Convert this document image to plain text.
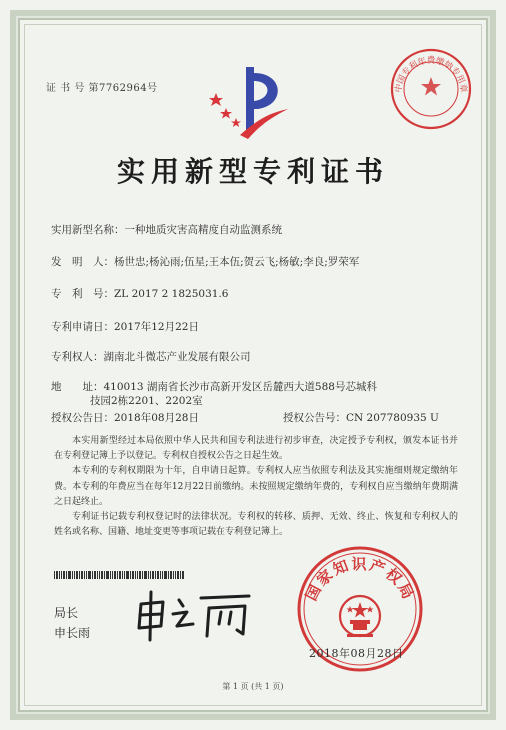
证 书 号 第7762964号	中国专利年费缴纳专用章
实用新型专利证书
实用新型名称：一种地质灾害高精度自动监测系统
发　明　人：杨世忠;杨沁雨;伍星;王本伍;贺云飞;杨敏;李良;罗荣军
专　利　号：ZL 2017 2 1825031.6
专利申请日：2017年12月22日
专利权人：湖南北斗微芯产业发展有限公司
地　　址：410013 湖南省长沙市高新开发区岳麓西大道588号芯城科
技园2栋2201、2202室
授权公告日：2018年08月28日	授权公告号：CN 207780935 U

本实用新型经过本局依照中华人民共和国专利法进行初步审查，决定授予专利权，颁发本证书并在专利登记簿上予以登记。专利权自授权公告之日起生效。

本专利的专利权期限为十年，自申请日起算。专利权人应当依照专利法及其实施细则规定缴纳年费。本专利的年费应当在每年12月22日前缴纳。未按照规定缴纳年费的，专利权自应当缴纳年费期满之日起终止。

专利证书记载专利权登记时的法律状况。专利权的转移、质押、无效、终止、恢复和专利权人的姓名或名称、国籍、地址变更等事项记载在专利登记簿上。

局长
申长雨
国家知识产权局
2018年08月28日
第 1 页 (共 1 页)
